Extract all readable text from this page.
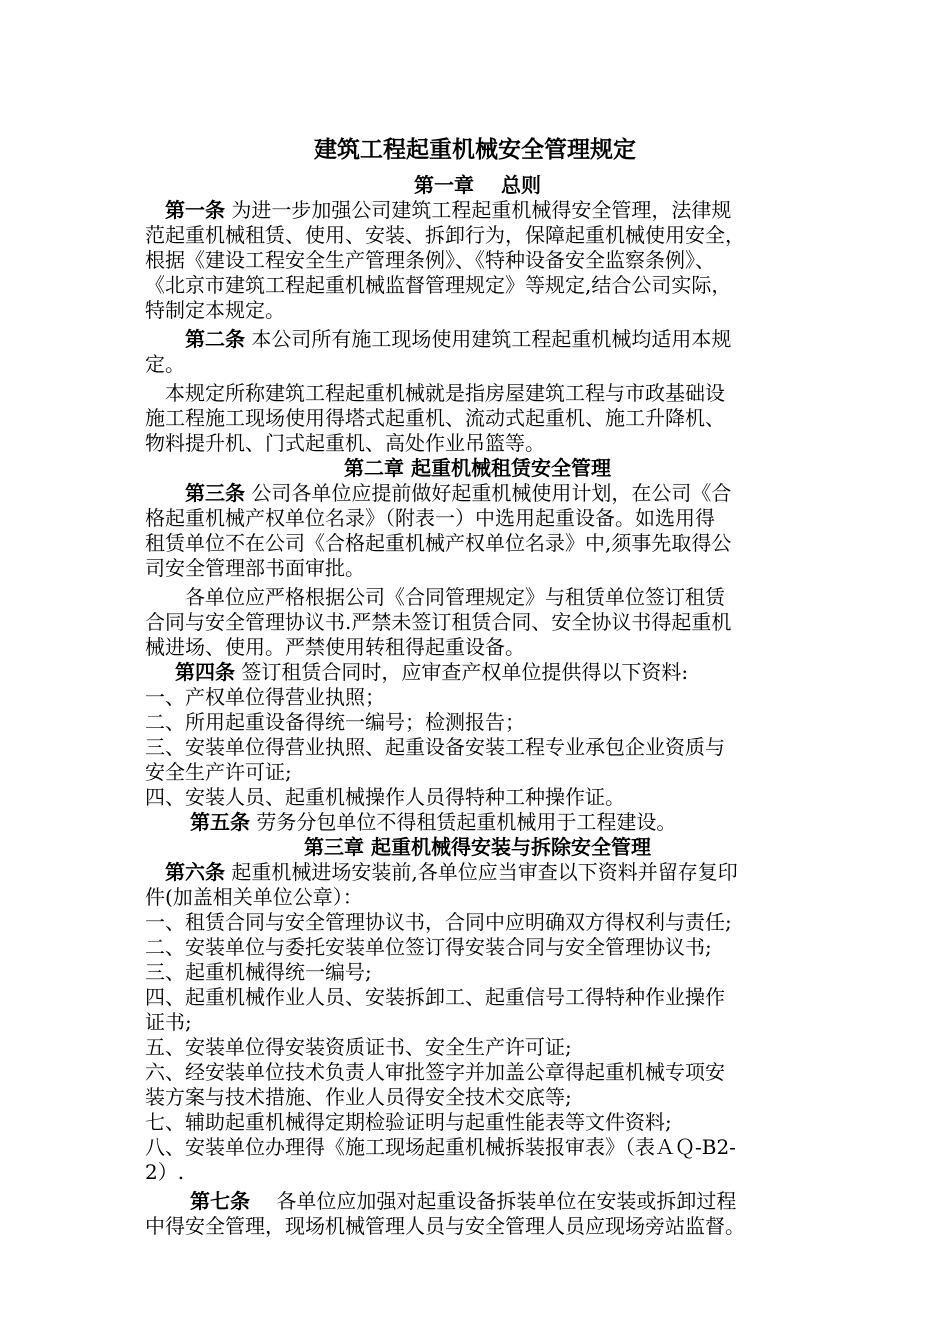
建筑工程起重机械安全管理规定
第一章　 总则
第一条 为进一步加强公司建筑工程起重机械得安全管理，法律规
范起重机械租赁、使用、安装、拆卸行为，保障起重机械使用安全，
根据《建设工程安全生产管理条例》、《特种设备安全监察条例》、
《北京市建筑工程起重机械监督管理规定》等规定,结合公司实际，
特制定本规定。
第二条 本公司所有施工现场使用建筑工程起重机械均适用本规
定。
本规定所称建筑工程起重机械就是指房屋建筑工程与市政基础设
施工程施工现场使用得塔式起重机、流动式起重机、施工升降机、
物料提升机、门式起重机、高处作业吊篮等。
第二章 起重机械租赁安全管理
第三条 公司各单位应提前做好起重机械使用计划，在公司《合
格起重机械产权单位名录》（附表一）中选用起重设备。如选用得
租赁单位不在公司《合格起重机械产权单位名录》中,须事先取得公
司安全管理部书面审批。
各单位应严格根据公司《合同管理规定》与租赁单位签订租赁
合同与安全管理协议书.严禁未签订租赁合同、安全协议书得起重机
械进场、使用。严禁使用转租得起重设备。
第四条 签订租赁合同时，应审查产权单位提供得以下资料:
一、产权单位得营业执照；
二、所用起重设备得统一编号；检测报告；
三、安装单位得营业执照、起重设备安装工程专业承包企业资质与
安全生产许可证;
四、安装人员、起重机械操作人员得特种工种操作证。
第五条 劳务分包单位不得租赁起重机械用于工程建设。
第三章 起重机械得安装与拆除安全管理
第六条 起重机械进场安装前,各单位应当审查以下资料并留存复印
件(加盖相关单位公章）：
一、租赁合同与安全管理协议书，合同中应明确双方得权利与责任;
二、安装单位与委托安装单位签订得安装合同与安全管理协议书;
三、起重机械得统一编号;
四、起重机械作业人员、安装拆卸工、起重信号工得特种作业操作
证书;
五、安装单位得安装资质证书、安全生产许可证;
六、经安装单位技术负责人审批签字并加盖公章得起重机械专项安
装方案与技术措施、作业人员得安全技术交底等;
七、辅助起重机械得定期检验证明与起重性能表等文件资料;
八、安装单位办理得《施工现场起重机械拆装报审表》（表ＡＱ-B2-
2）.
第七条　 各单位应加强对起重设备拆装单位在安装或拆卸过程
中得安全管理，现场机械管理人员与安全管理人员应现场旁站监督。
